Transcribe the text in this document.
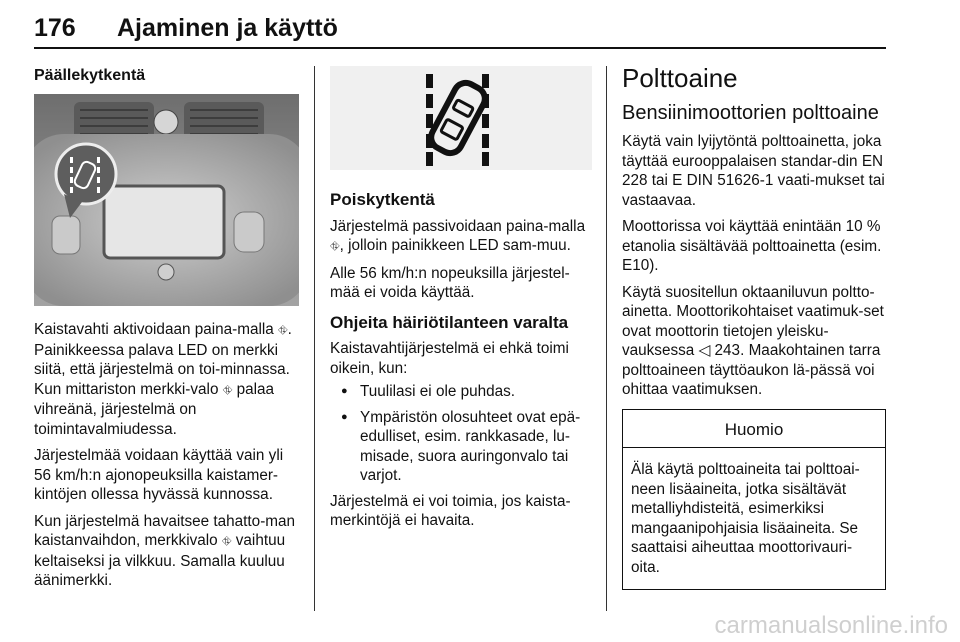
176 Ajaminen ja käyttö

Päällekytkentä

Kaistavahti aktivoidaan paina-malla ⛗. Painikkeessa palava LED on merkki siitä, että järjestelmä on toi-minnassa. Kun mittariston merkki-valo ⛗ palaa vihreänä, järjestelmä on toimintavalmiudessa.

Järjestelmää voidaan käyttää vain yli 56 km/h:n ajonopeuksilla kaistamer-kintöjen ollessa hyvässä kunnossa.

Kun järjestelmä havaitsee tahatto-man kaistanvaihdon, merkkivalo ⛗ vaihtuu keltaiseksi ja vilkkuu. Samalla kuuluu äänimerkki.

Poiskytkentä

Järjestelmä passivoidaan paina-malla ⛗, jolloin painikkeen LED sam-muu.

Alle 56 km/h:n nopeuksilla järjestel-mää ei voida käyttää.

Ohjeita häiriötilanteen varalta

Kaistavahtijärjestelmä ei ehkä toimi oikein, kun:

● Tuulilasi ei ole puhdas.
● Ympäristön olosuhteet ovat epä-edulliset, esim. rankkasade, lu-misade, suora auringonvalo tai varjot.

Järjestelmä ei voi toimia, jos kaista-merkintöjä ei havaita.

Polttoaine

Bensiinimoottorien polttoaine

Käytä vain lyijytöntä polttoainetta, joka täyttää eurooppalaisen standar-din EN 228 tai E DIN 51626-1 vaati-mukset tai vastaavaa.

Moottorissa voi käyttää enintään 10 % etanolia sisältävää polttoainetta (esim. E10).

Käytä suositellun oktaaniluvun poltto-ainetta. Moottorikohtaiset vaatimuk-set ovat moottorin tietojen yleisku-vauksessa ◁ 243. Maakohtainen tarra polttoaineen täyttöaukon lä-pässä voi ohittaa vaatimuksen.

Huomio
Älä käytä polttoaineita tai polttoai-neen lisäaineita, jotka sisältävät metalliyhdisteitä, esimerkiksi mangaanipohjaisia lisäaineita. Se saattaisi aiheuttaa moottorivauri-oita.
carmanualsonline.info
